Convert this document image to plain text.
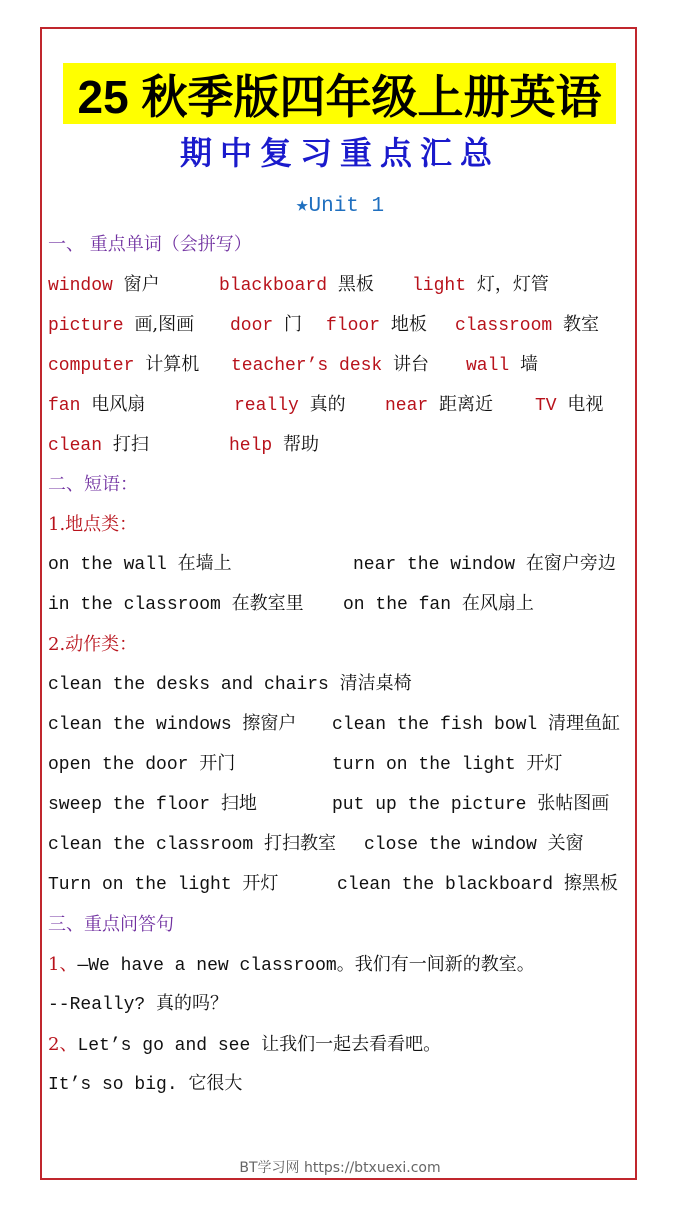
25 秋季版四年级上册英语
期中复习重点汇总
★Unit 1
一、 重点单词（会拼写）
window 窗户	blackboard 黑板 light 灯，灯管
picture 画,图画 door 门 floor 地板 classroom 教室
computer 计算机 teacher’s desk 讲台 wall 墙
fan 电风扇	really 真的 near 距离近 TV 电视
clean 打扫	help 帮助
二、短语：
1.地点类：
on the wall 在墙上	near the window 在窗户旁边
in the classroom 在教室里 on the fan 在风扇上
2.动作类：
clean the desks and chairs 清洁桌椅
clean the windows 擦窗户 clean the fish bowl 清理鱼缸
open the door 开门	turn on the light 开灯
sweep the floor 扫地	put up the picture 张帖图画
clean the classroom 打扫教室 close the window 关窗
Turn on the light 开灯	clean the blackboard 擦黑板
三、重点问答句
1、—We have a new classroom。我们有一间新的教室。
--Really? 真的吗？
2、Let’s go and see 让我们一起去看看吧。
It’s so big. 它很大
BT学习网 https://btxuexi.com
